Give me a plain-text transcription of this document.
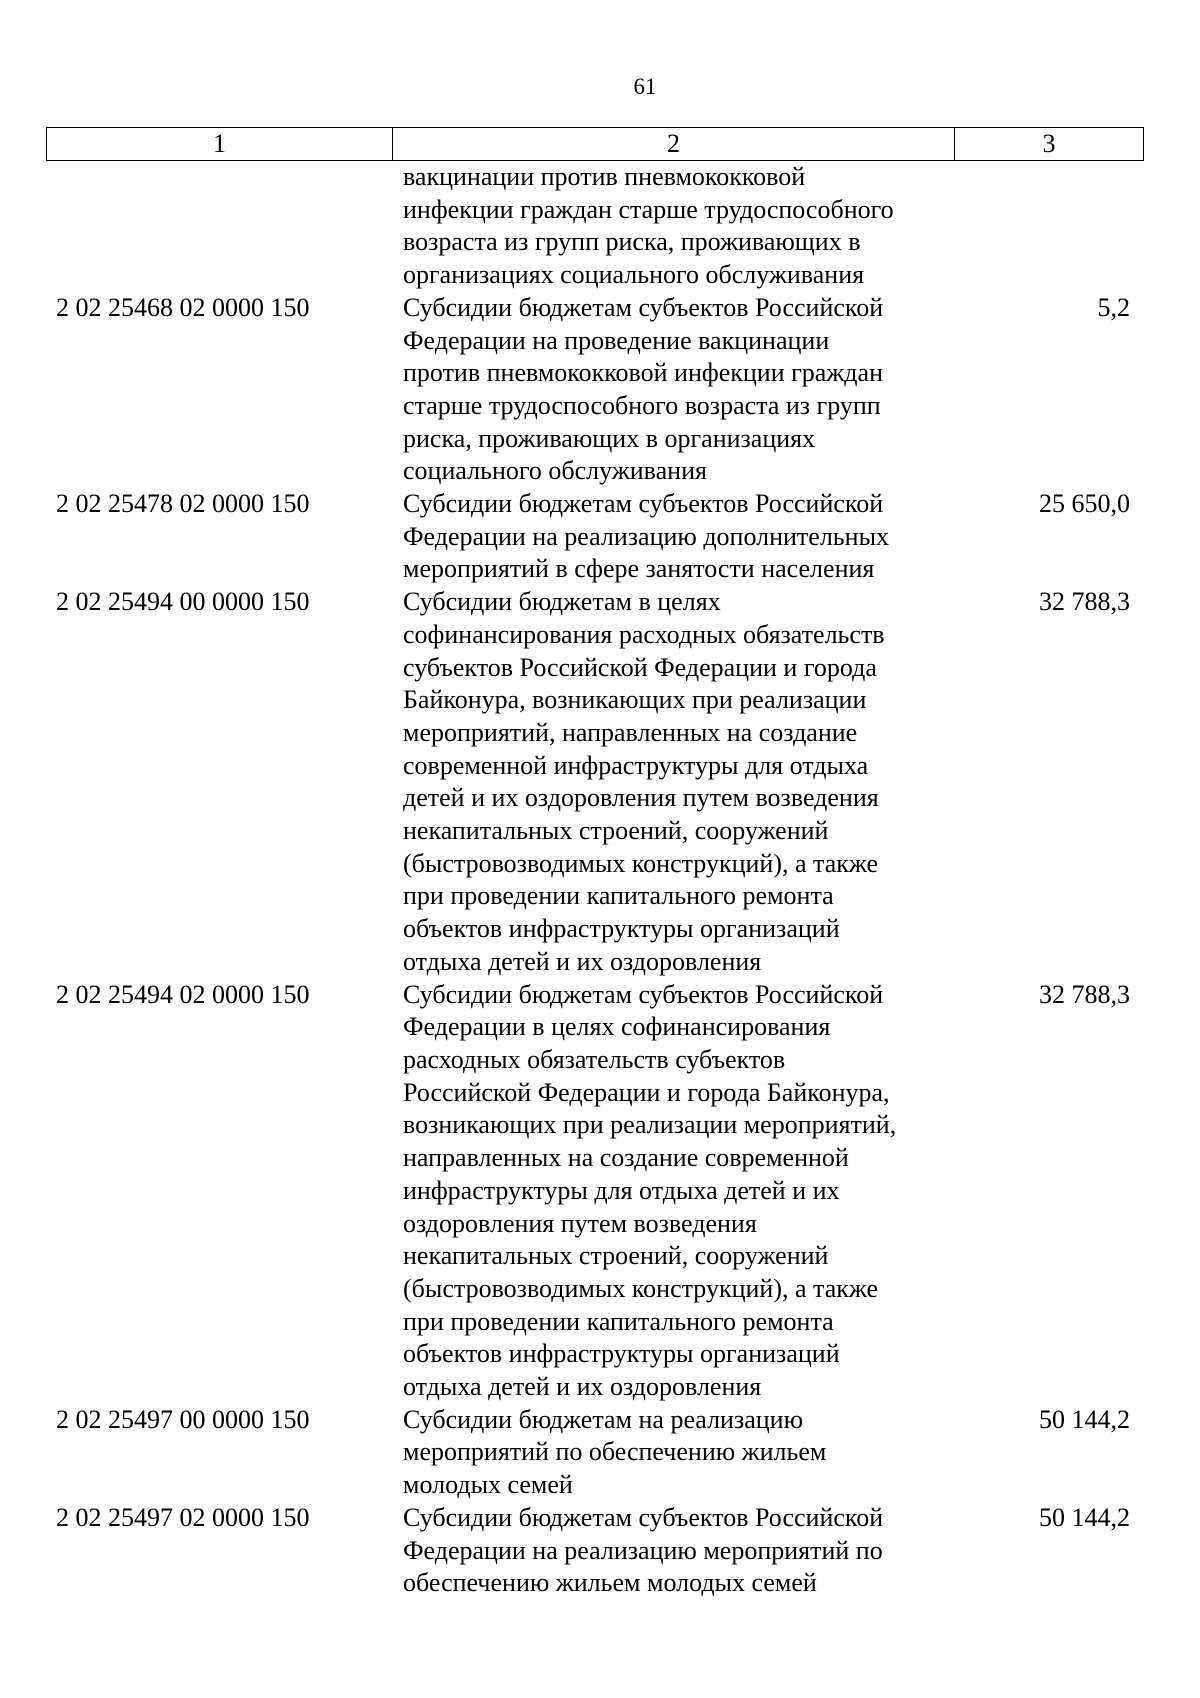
61
1	2	3
вакцинации против пневмококковой
инфекции граждан старше трудоспособного
возраста из групп риска, проживающих в
организациях социального обслуживания
2 02 25468 02 0000 150	Субсидии бюджетам субъектов Российской
Федерации на проведение вакцинации
против пневмококковой инфекции граждан
старше трудоспособного возраста из групп
риска, проживающих в организациях
социального обслуживания
5,2
2 02 25478 02 0000 150	Субсидии бюджетам субъектов Российской
Федерации на реализацию дополнительных
мероприятий в сфере занятости населения
25 650,0
2 02 25494 00 0000 150	Субсидии бюджетам в целях
софинансирования расходных обязательств
субъектов Российской Федерации и города
Байконура, возникающих при реализации
мероприятий, направленных на создание
современной инфраструктуры для отдыха
детей и их оздоровления путем возведения
некапитальных строений, сооружений
(быстровозводимых конструкций), а также
при проведении капитального ремонта
объектов инфраструктуры организаций
отдыха детей и их оздоровления
32 788,3
2 02 25494 02 0000 150	Субсидии бюджетам субъектов Российской
Федерации в целях софинансирования
расходных обязательств субъектов
Российской Федерации и города Байконура,
возникающих при реализации мероприятий,
направленных на создание современной
инфраструктуры для отдыха детей и их
оздоровления путем возведения
некапитальных строений, сооружений
(быстровозводимых конструкций), а также
при проведении капитального ремонта
объектов инфраструктуры организаций
отдыха детей и их оздоровления
32 788,3
2 02 25497 00 0000 150	Субсидии бюджетам на реализацию
мероприятий по обеспечению жильем
молодых семей
50 144,2
2 02 25497 02 0000 150	Субсидии бюджетам субъектов Российской
Федерации на реализацию мероприятий по
обеспечению жильем молодых семей
50 144,2
